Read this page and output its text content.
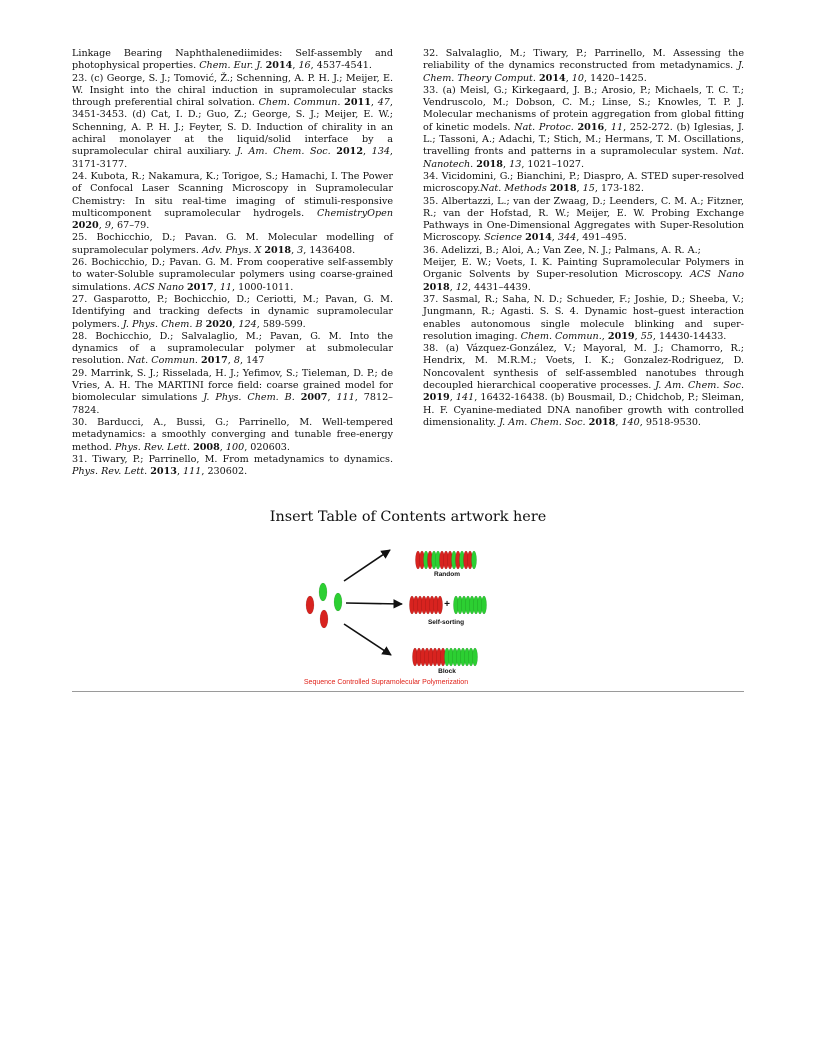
Linkage Bearing Naphthalenediimides: Self-assembly and photophysical properties. Chem. Eur. J. 2014, 16, 4537-4541.

23. (c) George, S. J.; Tomović, Ž.; Schenning, A. P. H. J.; Meijer, E. W. Insight into the chiral induction in supramolecular stacks through preferential chiral solvation. Chem. Commun. 2011, 47, 3451-3453. (d) Cat, I. D.; Guo, Z.; George, S. J.; Meijer, E. W.; Schenning, A. P. H. J.; Feyter, S. D. Induction of chirality in an achiral monolayer at the liquid/solid interface by a supramolecular chiral auxiliary. J. Am. Chem. Soc. 2012, 134, 3171-3177.

24. Kubota, R.; Nakamura, K.; Torigoe, S.; Hamachi, I. The Power of Confocal Laser Scanning Microscopy in Supramolecular Chemistry: In situ real-time imaging of stimuli-responsive multicomponent supramolecular hydrogels. ChemistryOpen 2020, 9, 67–79.

25. Bochicchio, D.; Pavan. G. M. Molecular modelling of supramolecular polymers. Adv. Phys. X 2018, 3, 1436408.

26. Bochicchio, D.; Pavan. G. M. From cooperative self-assembly to water-Soluble supramolecular polymers using coarse-grained simulations. ACS Nano 2017, 11, 1000-1011.

27. Gasparotto, P.; Bochicchio, D.; Ceriotti, M.; Pavan, G. M. Identifying and tracking defects in dynamic supramolecular polymers. J. Phys. Chem. B 2020, 124, 589-599.

28. Bochicchio, D.; Salvalaglio, M.; Pavan, G. M. Into the dynamics of a supramolecular polymer at submolecular resolution. Nat. Commun. 2017, 8, 147

29. Marrink, S. J.; Risselada, H. J.; Yefimov, S.; Tieleman, D. P.; de Vries, A. H. The MARTINI force field: coarse grained model for biomolecular simulations J. Phys. Chem. B. 2007, 111, 7812–7824.

30. Barducci, A., Bussi, G.; Parrinello, M. Well-tempered metadynamics: a smoothly converging and tunable free-energy method. Phys. Rev. Lett. 2008, 100, 020603.

31. Tiwary, P.; Parrinello, M. From metadynamics to dynamics. Phys. Rev. Lett. 2013, 111, 230602.

32. Salvalaglio, M.; Tiwary, P.; Parrinello, M. Assessing the reliability of the dynamics reconstructed from metadynamics. J. Chem. Theory Comput. 2014, 10, 1420–1425.

33. (a) Meisl, G.; Kirkegaard, J. B.; Arosio, P.; Michaels, T. C. T.; Vendruscolo, M.; Dobson, C. M.; Linse, S.; Knowles, T. P. J. Molecular mechanisms of protein aggregation from global fitting of kinetic models. Nat. Protoc. 2016, 11, 252-272. (b) Iglesias, J. L.; Tassoni, A.; Adachi, T.; Stich, M.; Hermans, T. M. Oscillations, travelling fronts and patterns in a supramolecular system. Nat. Nanotech. 2018, 13, 1021–1027.

34. Vicidomini, G.; Bianchini, P.; Diaspro, A. STED super-resolved microscopy.Nat. Methods 2018, 15, 173-182.

35. Albertazzi, L.; van der Zwaag, D.; Leenders, C. M. A.; Fitzner, R.; van der Hofstad, R. W.; Meijer, E. W. Probing Exchange Pathways in One-Dimensional Aggregates with Super-Resolution Microscopy. Science 2014, 344, 491–495.

36. Adelizzi, B.; Aloi, A.; Van Zee, N. J.; Palmans, A. R. A.;

Meijer, E. W.; Voets, I. K. Painting Supramolecular Polymers in Organic Solvents by Super-resolution Microscopy. ACS Nano 2018, 12, 4431–4439.

37. Sasmal, R.; Saha, N. D.; Schueder, F.; Joshie, D.; Sheeba, V.; Jungmann, R.; Agasti. S. S. 4. Dynamic host–guest interaction enables autonomous single molecule blinking and super-resolution imaging. Chem. Commun., 2019, 55, 14430-14433.

38. (a) Vázquez-González, V.; Mayoral, M. J.; Chamorro, R.; Hendrix, M. M.R.M.; Voets, I. K.; Gonzalez-Rodriguez, D. Noncovalent synthesis of self-assembled nanotubes through decoupled hierarchical cooperative processes. J. Am. Chem. Soc. 2019, 141, 16432-16438. (b) Bousmail, D.; Chidchob, P.; Sleiman, H. F. Cyanine-mediated DNA nanofiber growth with controlled dimensionality. J. Am. Chem. Soc. 2018, 140, 9518-9530.

Insert Table of Contents artwork here
+
Random
Self-sorting
Block
Sequence Controlled Supramolecular Polymerization
